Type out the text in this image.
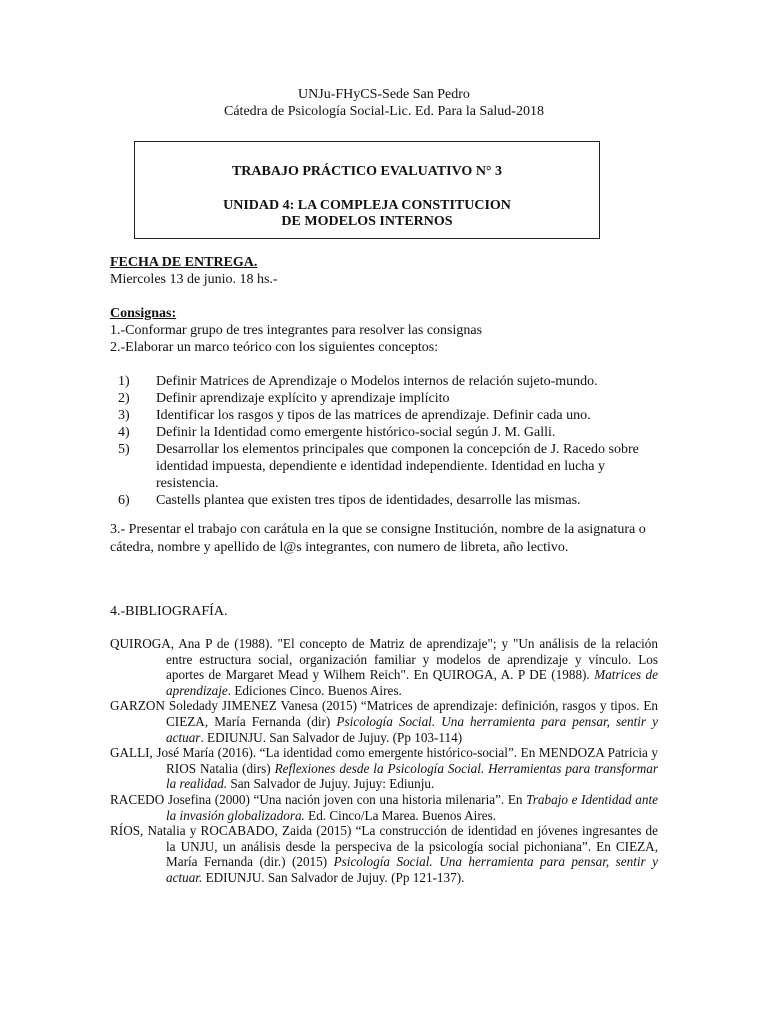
UNJu-FHyCS-Sede San Pedro
Cátedra de Psicología Social-Lic. Ed. Para la Salud-2018
TRABAJO PRÁCTICO EVALUATIVO N° 3
UNIDAD 4: LA COMPLEJA CONSTITUCION
DE MODELOS INTERNOS
FECHA DE ENTREGA.
Miercoles 13 de junio. 18 hs.-
Consignas:
1.-Conformar grupo de tres integrantes para resolver las consignas
2.-Elaborar un marco teórico con los siguientes conceptos:
1) Definir Matrices de Aprendizaje o Modelos internos de relación sujeto-mundo.
2) Definir aprendizaje explícito y aprendizaje implícito
3) Identificar los rasgos y tipos de las matrices de aprendizaje. Definir cada uno.
4) Definir la Identidad como emergente histórico-social según J. M. Galli.
5) Desarrollar los elementos principales que componen la concepción de J. Racedo sobre identidad impuesta, dependiente e identidad independiente. Identidad en lucha y resistencia.
6) Castells plantea que existen tres tipos de identidades, desarrolle las mismas.
3.- Presentar el trabajo con carátula en la que se consigne Institución, nombre de la asignatura o cátedra, nombre y apellido de l@s integrantes, con numero de libreta, año lectivo.
4.-BIBLIOGRAFÍA.
QUIROGA, Ana P de (1988). "El concepto de Matriz de aprendizaje"; y "Un análisis de la relación entre estructura social, organización familiar y modelos de aprendizaje y vínculo. Los aportes de Margaret Mead y Wilhem Reich". En QUIROGA, A. P DE (1988). Matrices de aprendizaje. Ediciones Cinco. Buenos Aires.
GARZON Soledady JIMENEZ Vanesa (2015) “Matrices de aprendizaje: definición, rasgos y tipos. En CIEZA, María Fernanda (dir) Psicología Social. Una herramienta para pensar, sentir y actuar. EDIUNJU. San Salvador de Jujuy. (Pp 103-114)
GALLI, José María (2016). “La identidad como emergente histórico-social”. En MENDOZA Patricia y RIOS Natalia (dirs) Reflexiones desde la Psicología Social. Herramientas para transformar la realidad. San Salvador de Jujuy. Jujuy: Ediunju.
RACEDO Josefina (2000) “Una nación joven con una historia milenaria”. En Trabajo e Identidad ante la invasión globalizadora. Ed. Cinco/La Marea. Buenos Aires.
RÍOS, Natalia y ROCABADO, Zaida (2015) “La construcción de identidad en jóvenes ingresantes de la UNJU, un análisis desde la perspeciva de la psicología social pichoniana”. En CIEZA, María Fernanda (dir.) (2015) Psicología Social. Una herramienta para pensar, sentir y actuar. EDIUNJU. San Salvador de Jujuy. (Pp 121-137).
